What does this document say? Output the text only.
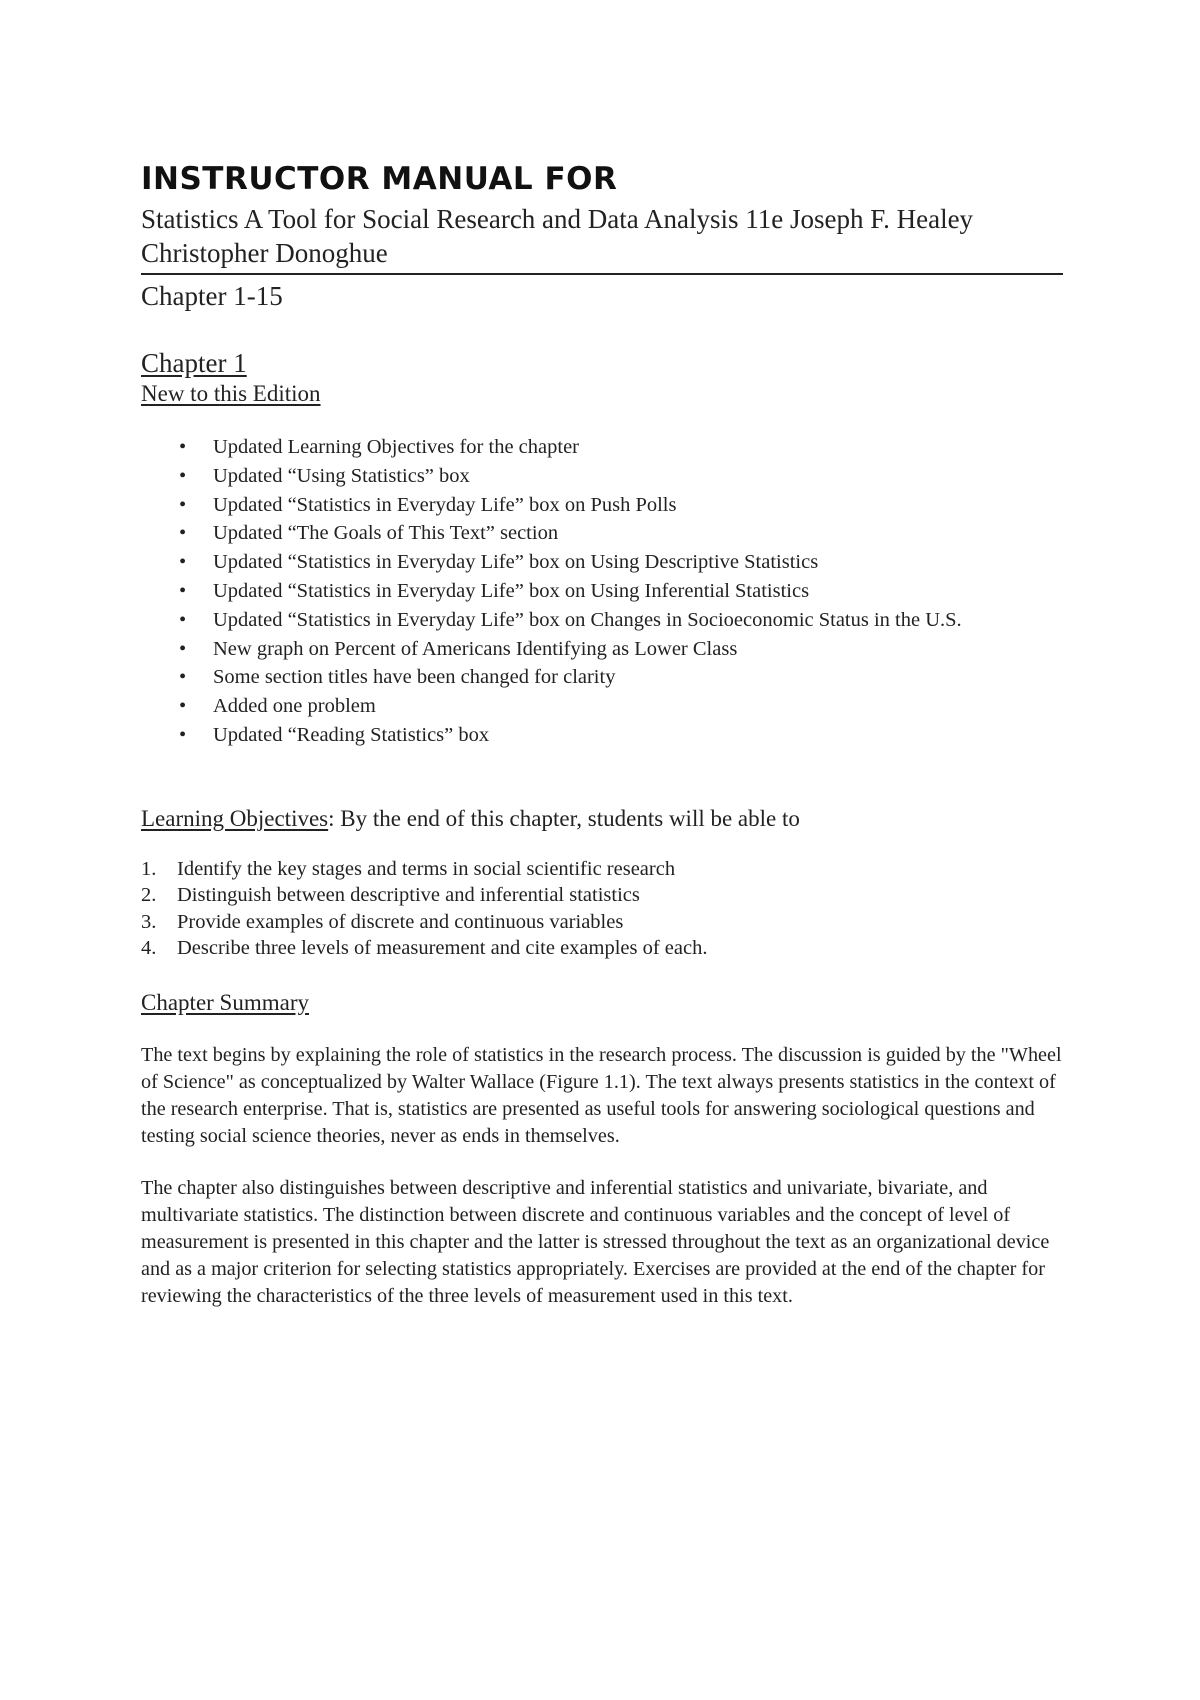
INSTRUCTOR MANUAL FOR
Statistics A Tool for Social Research and Data Analysis 11e Joseph F. Healey Christopher Donoghue
Chapter 1-15
Chapter 1
New to this Edition
• Updated Learning Objectives for the chapter
• Updated “Using Statistics” box
• Updated “Statistics in Everyday Life” box on Push Polls
• Updated “The Goals of This Text” section
• Updated “Statistics in Everyday Life” box on Using Descriptive Statistics
• Updated “Statistics in Everyday Life” box on Using Inferential Statistics
• Updated “Statistics in Everyday Life” box on Changes in Socioeconomic Status in the U.S.
• New graph on Percent of Americans Identifying as Lower Class
• Some section titles have been changed for clarity
• Added one problem
• Updated “Reading Statistics” box
Learning Objectives: By the end of this chapter, students will be able to
1. Identify the key stages and terms in social scientific research
2. Distinguish between descriptive and inferential statistics
3. Provide examples of discrete and continuous variables
4. Describe three levels of measurement and cite examples of each.
Chapter Summary

The text begins by explaining the role of statistics in the research process. The discussion is guided by the "Wheel of Science" as conceptualized by Walter Wallace (Figure 1.1). The text always presents statistics in the context of the research enterprise. That is, statistics are presented as useful tools for answering sociological questions and testing social science theories, never as ends in themselves.

The chapter also distinguishes between descriptive and inferential statistics and univariate, bivariate, and multivariate statistics. The distinction between discrete and continuous variables and the concept of level of measurement is presented in this chapter and the latter is stressed throughout the text as an organizational device and as a major criterion for selecting statistics appropriately. Exercises are provided at the end of the chapter for reviewing the characteristics of the three levels of measurement used in this text.
